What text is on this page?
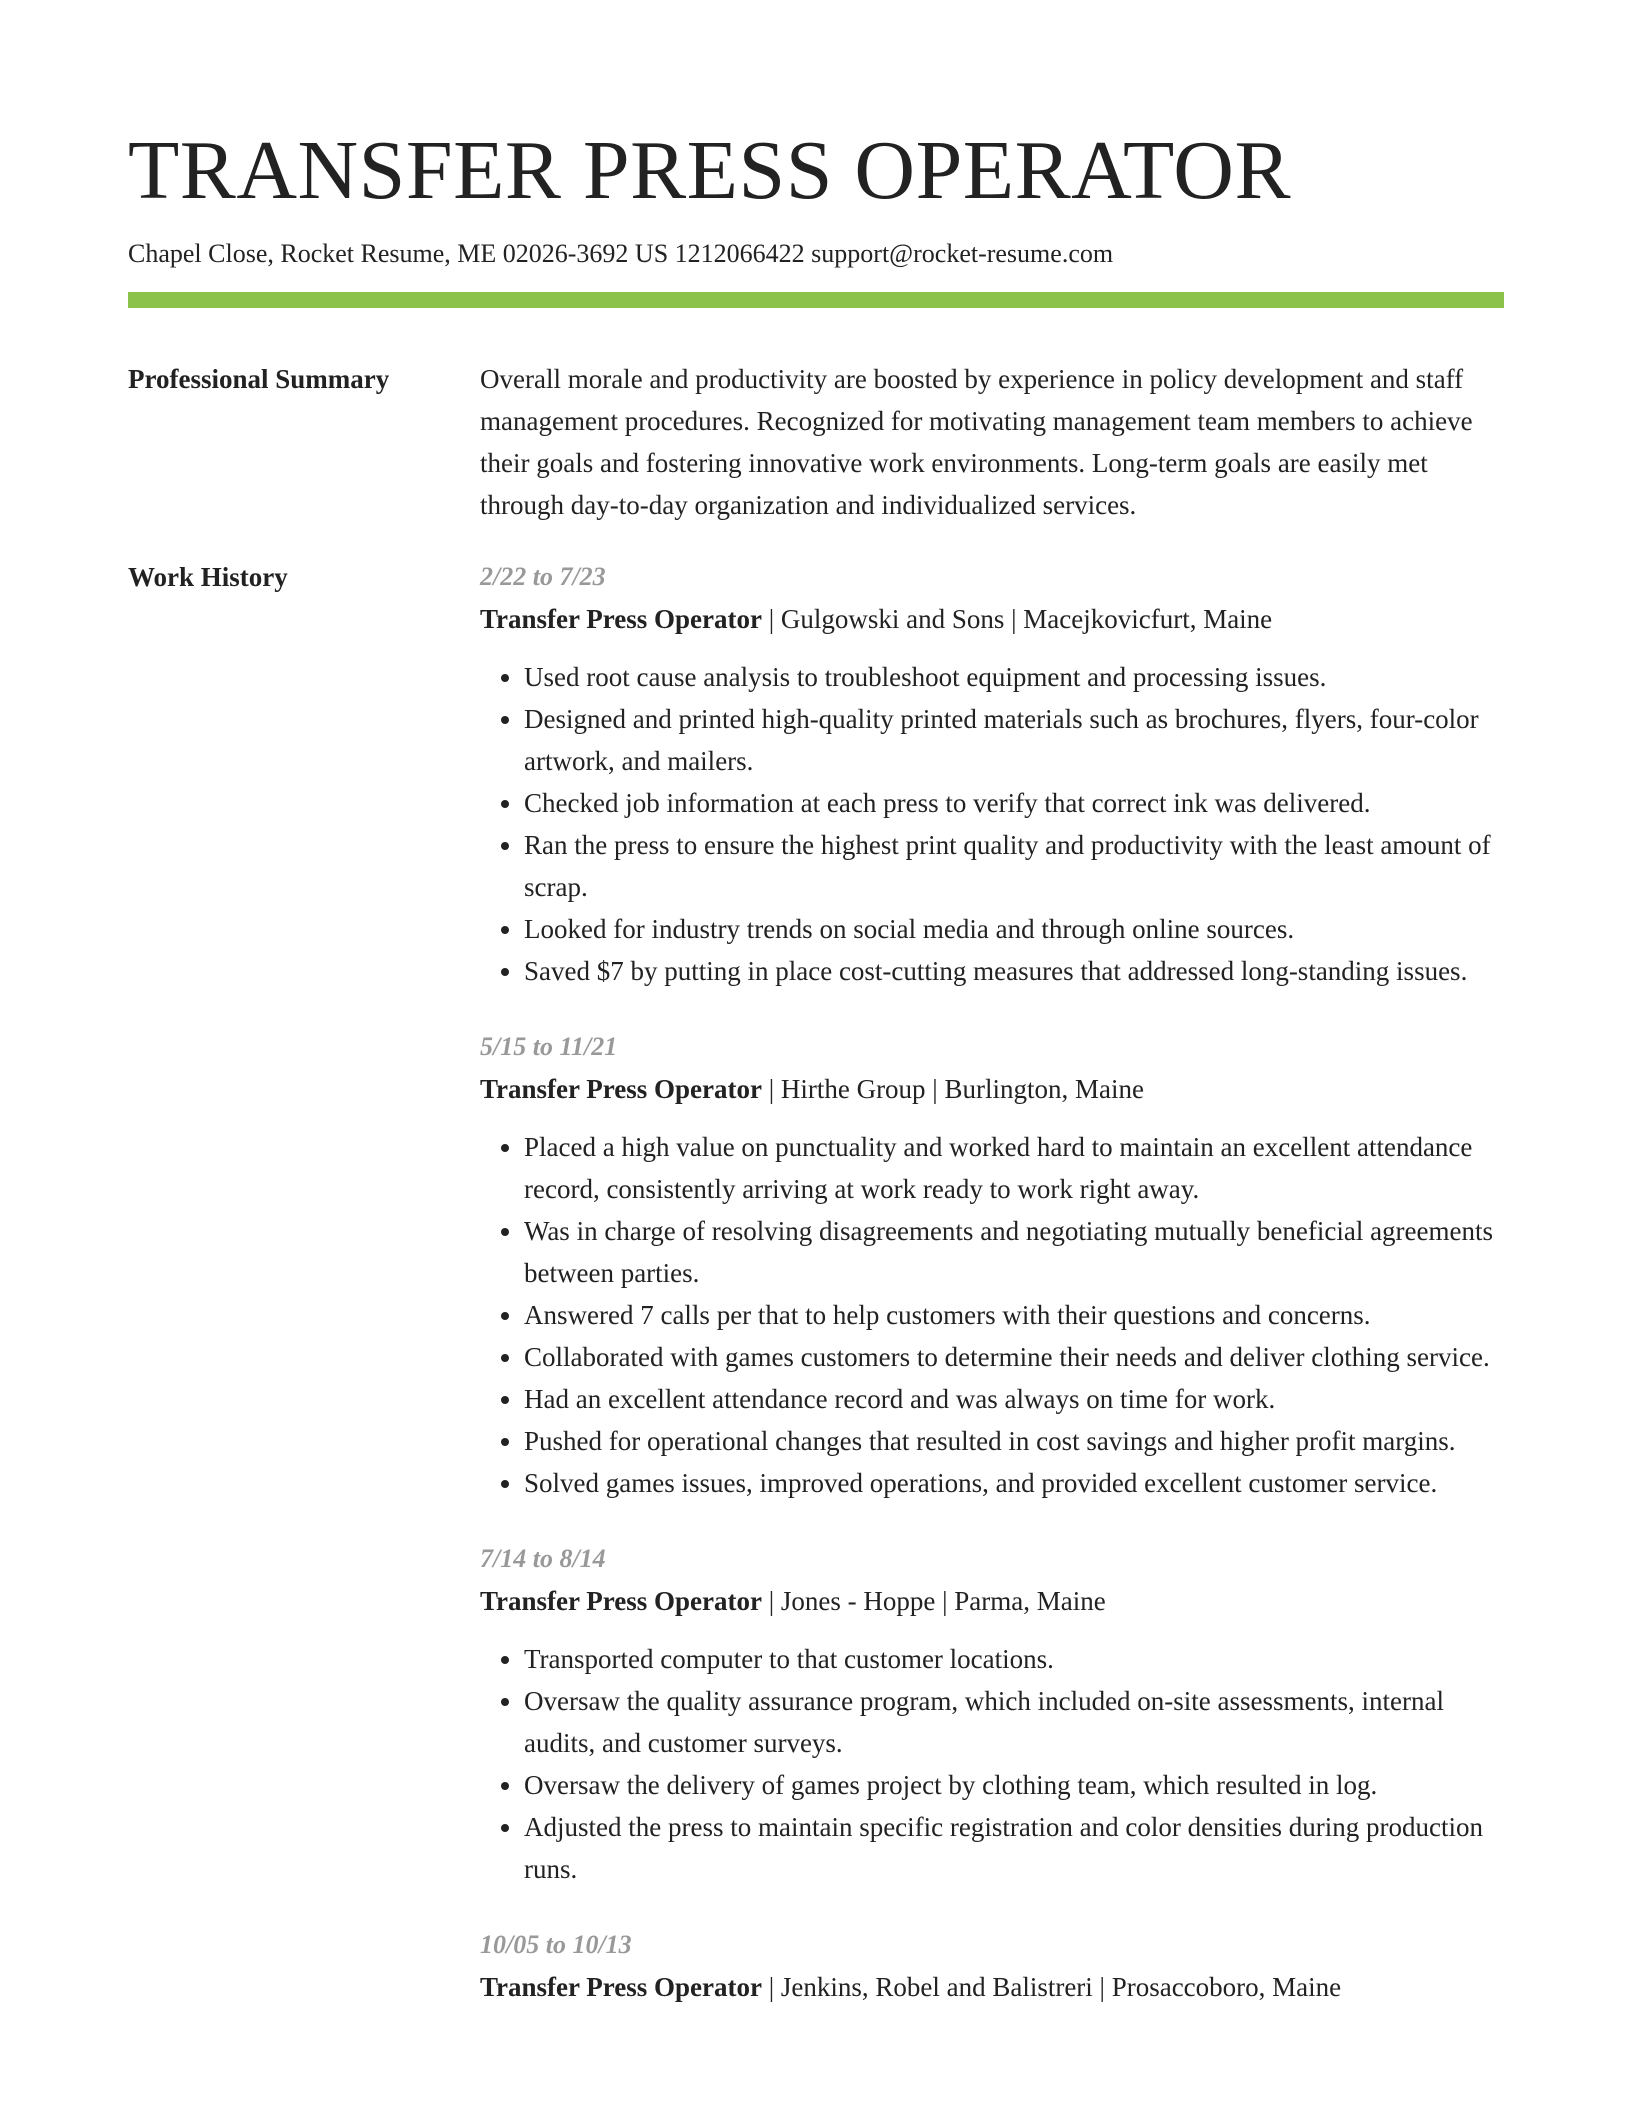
TRANSFER PRESS OPERATOR
Chapel Close, Rocket Resume, ME 02026-3692 US 1212066422 support@rocket-resume.com
Professional Summary	Overall morale and productivity are boosted by experience in policy development and staff management procedures. Recognized for motivating management team members to achieve their goals and fostering innovative work environments. Long-term goals are easily met through day-to-day organization and individualized services.

Work History	2/22 to 7/23
Transfer Press Operator | Gulgowski and Sons | Macejkovicfurt, Maine
• Used root cause analysis to troubleshoot equipment and processing issues.
• Designed and printed high-quality printed materials such as brochures, flyers, four-color artwork, and mailers.
• Checked job information at each press to verify that correct ink was delivered.
• Ran the press to ensure the highest print quality and productivity with the least amount of scrap.
• Looked for industry trends on social media and through online sources.
• Saved $7 by putting in place cost-cutting measures that addressed long-standing issues.
5/15 to 11/21
Transfer Press Operator | Hirthe Group | Burlington, Maine
• Placed a high value on punctuality and worked hard to maintain an excellent attendance record, consistently arriving at work ready to work right away.
• Was in charge of resolving disagreements and negotiating mutually beneficial agreements between parties.
• Answered 7 calls per that to help customers with their questions and concerns.
• Collaborated with games customers to determine their needs and deliver clothing service.
• Had an excellent attendance record and was always on time for work.
• Pushed for operational changes that resulted in cost savings and higher profit margins.
• Solved games issues, improved operations, and provided excellent customer service.
7/14 to 8/14
Transfer Press Operator | Jones - Hoppe | Parma, Maine
• Transported computer to that customer locations.
• Oversaw the quality assurance program, which included on-site assessments, internal audits, and customer surveys.
• Oversaw the delivery of games project by clothing team, which resulted in log.
• Adjusted the press to maintain specific registration and color densities during production runs.
10/05 to 10/13
Transfer Press Operator | Jenkins, Robel and Balistreri | Prosaccoboro, Maine
